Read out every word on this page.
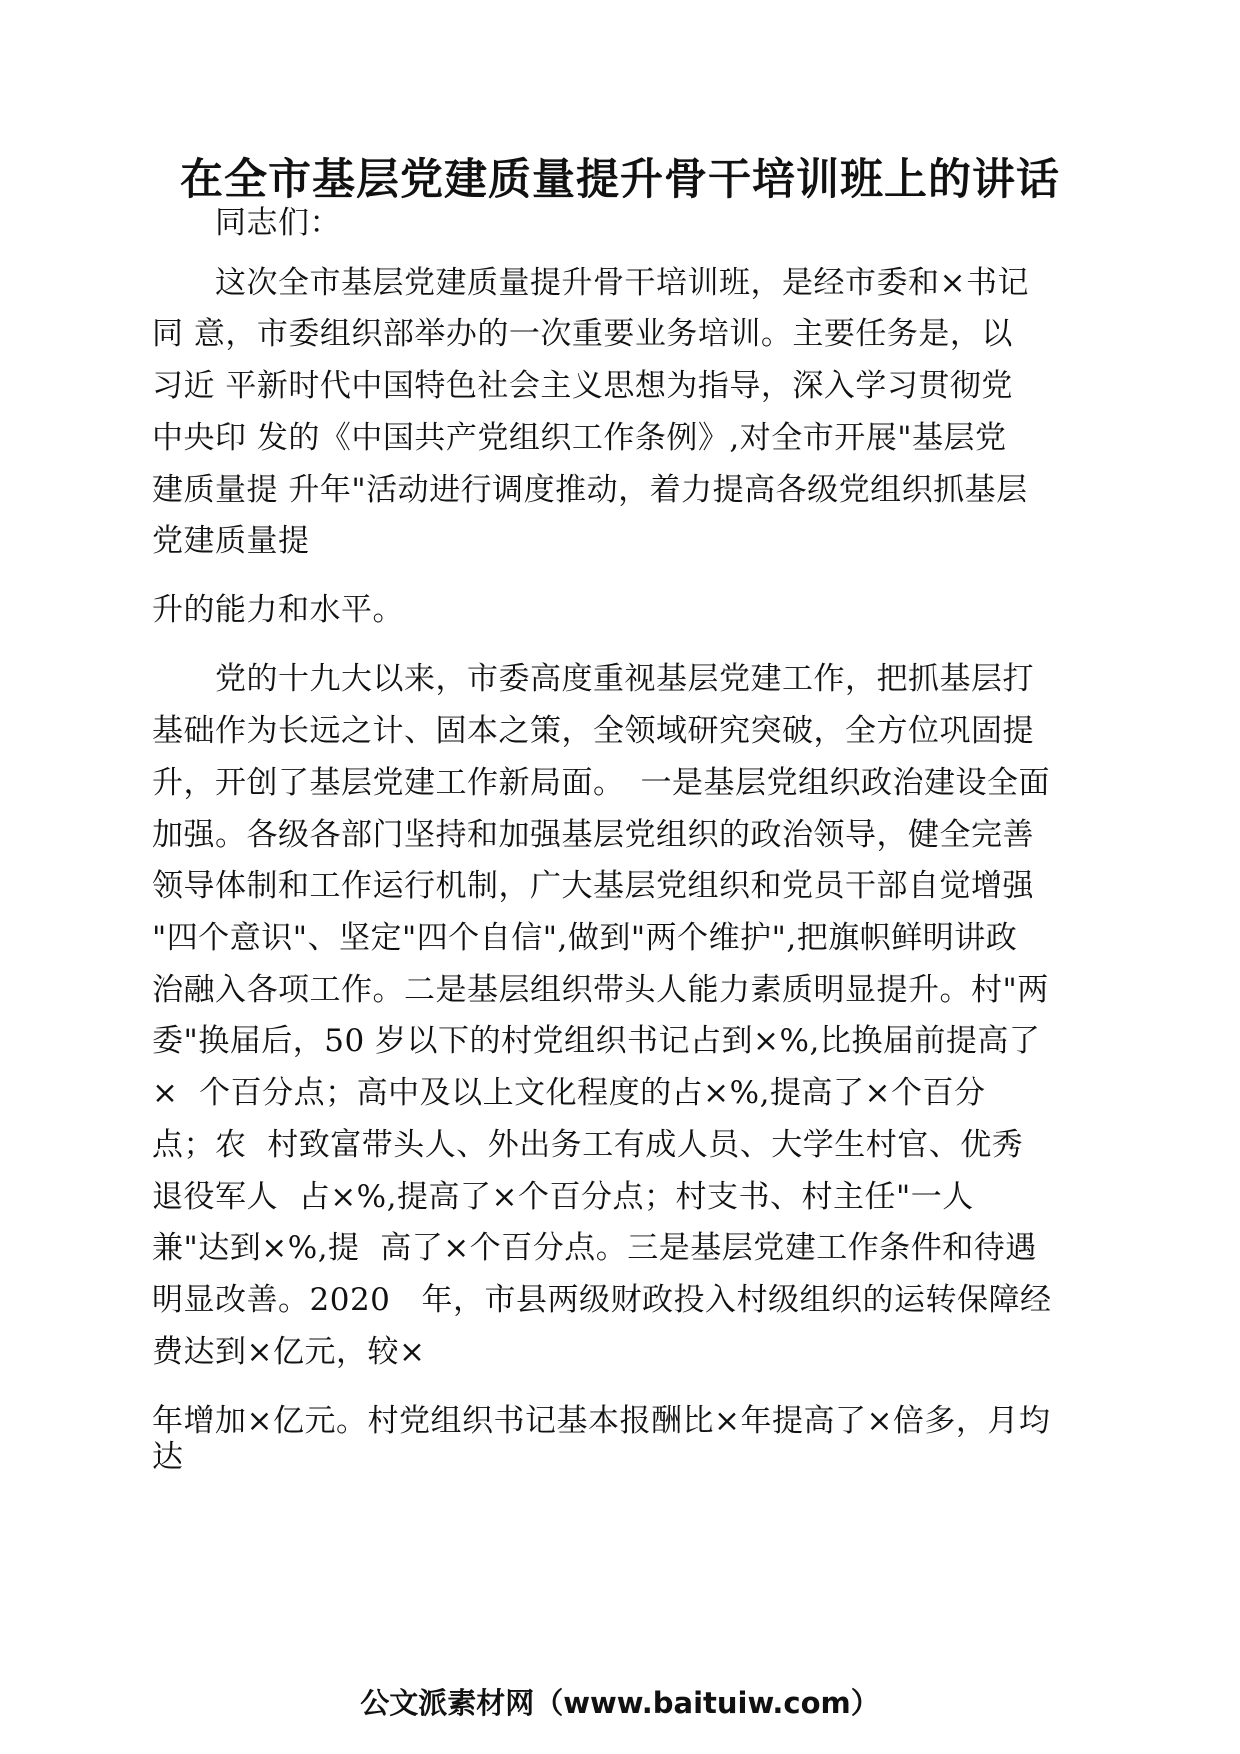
在全市基层党建质量提升骨干培训班上的讲话
　　同志们：
　　这次全市基层党建质量提升骨干培训班，是经市委和×书记
同 意，市委组织部举办的一次重要业务培训。主要任务是，以
习近 平新时代中国特色社会主义思想为指导，深入学习贯彻党
中央印 发的《中国共产党组织工作条例》,对全市开展"基层党
建质量提 升年"活动进行调度推动，着力提高各级党组织抓基层
党建质量提
升的能力和水平。
　　党的十九大以来，市委高度重视基层党建工作，把抓基层打
基础作为长远之计、固本之策，全领域研究突破，全方位巩固提
升，开创了基层党建工作新局面。　一是基层党组织政治建设全面
加强。各级各部门坚持和加强基层党组织的政治领导，健全完善
领导体制和工作运行机制，广大基层党组织和党员干部自觉增强
"四个意识"、坚定"四个自信",做到"两个维护",把旗帜鲜明讲政
治融入各项工作。二是基层组织带头人能力素质明显提升。村"两
委"换届后，50 岁以下的村党组织书记占到×%,比换届前提高了
×  个百分点；高中及以上文化程度的占×%,提高了×个百分
点；农  村致富带头人、外出务工有成人员、大学生村官、优秀
退役军人  占×%,提高了×个百分点；村支书、村主任"一人
兼"达到×%,提  高了×个百分点。三是基层党建工作条件和待遇
明显改善。2020   年，市县两级财政投入村级组织的运转保障经
费达到×亿元，较×
年增加×亿元。村党组织书记基本报酬比×年提高了×倍多，月均
达
公文派素材网（www.baituiw.com）
